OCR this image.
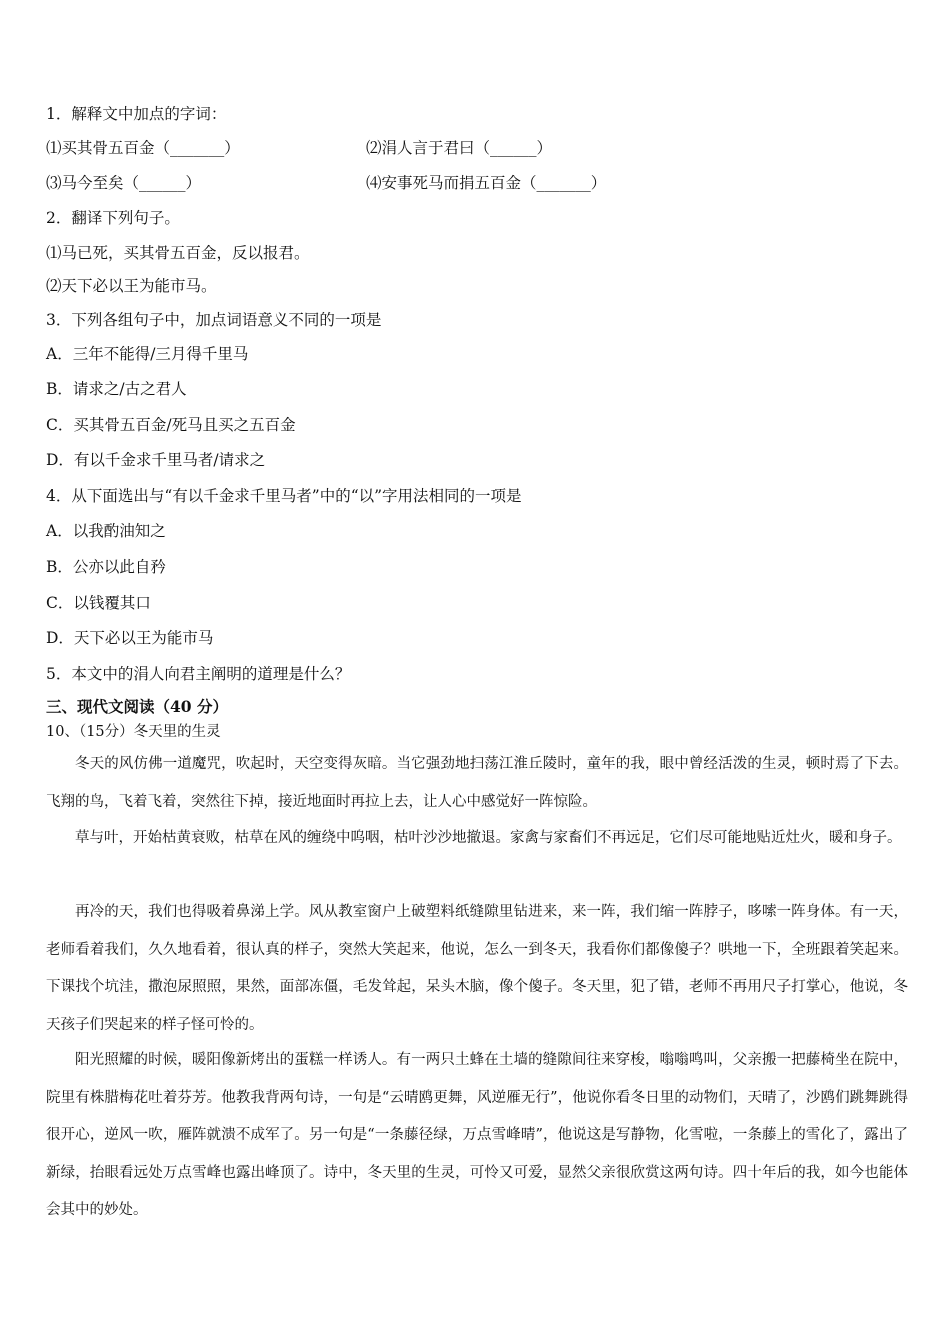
1．解释文中加点的字词：
⑴买其骨五百金（_______）	⑵涓人言于君曰（______）
⑶马今至矣（______）	⑷安事死马而捐五百金（_______）
2．翻译下列句子。
⑴马已死，买其骨五百金，反以报君。
⑵天下必以王为能市马。
3．下列各组句子中，加点词语意义不同的一项是
A．三年不能得/三月得千里马
B．请求之/古之君人
C．买其骨五百金/死马且买之五百金
D．有以千金求千里马者/请求之
4．从下面选出与“有以千金求千里马者”中的“以”字用法相同的一项是
A．以我酌油知之
B．公亦以此自矜
C．以钱覆其口
D．天下必以王为能市马
5．本文中的涓人向君主阐明的道理是什么？
三、现代文阅读（40 分）
10、（15分）冬天里的生灵

冬天的风仿佛一道魔咒，吹起时，天空变得灰暗。当它强劲地扫荡江淮丘陵时，童年的我，眼中曾经活泼的生灵，顿时焉了下去。飞翔的鸟，飞着飞着，突然往下掉，接近地面时再拉上去，让人心中感觉好一阵惊险。

草与叶，开始枯黄衰败，枯草在风的缠绕中呜咽，枯叶沙沙地撤退。家禽与家畜们不再远足，它们尽可能地贴近灶火，暖和身子。

再冷的天，我们也得吸着鼻涕上学。风从教室窗户上破塑料纸缝隙里钻进来，来一阵，我们缩一阵脖子，哆嗦一阵身体。有一天，老师看着我们，久久地看着，很认真的样子，突然大笑起来，他说，怎么一到冬天，我看你们都像傻子？哄地一下，全班跟着笑起来。下课找个坑洼，撒泡尿照照，果然，面部冻僵，毛发耸起，呆头木脑，像个傻子。冬天里，犯了错，老师不再用尺子打掌心，他说，冬天孩子们哭起来的样子怪可怜的。

阳光照耀的时候，暖阳像新烤出的蛋糕一样诱人。有一两只土蜂在土墙的缝隙间往来穿梭，嗡嗡鸣叫，父亲搬一把藤椅坐在院中，院里有株腊梅花吐着芬芳。他教我背两句诗，一句是“云晴鸥更舞，风逆雁无行”，他说你看冬日里的动物们，天晴了，沙鸥们跳舞跳得很开心，逆风一吹，雁阵就溃不成军了。另一句是“一条藤径绿，万点雪峰晴”，他说这是写静物，化雪啦，一条藤上的雪化了，露出了新绿，抬眼看远处万点雪峰也露出峰顶了。诗中，冬天里的生灵，可怜又可爱，显然父亲很欣赏这两句诗。四十年后的我，如今也能体会其中的妙处。
